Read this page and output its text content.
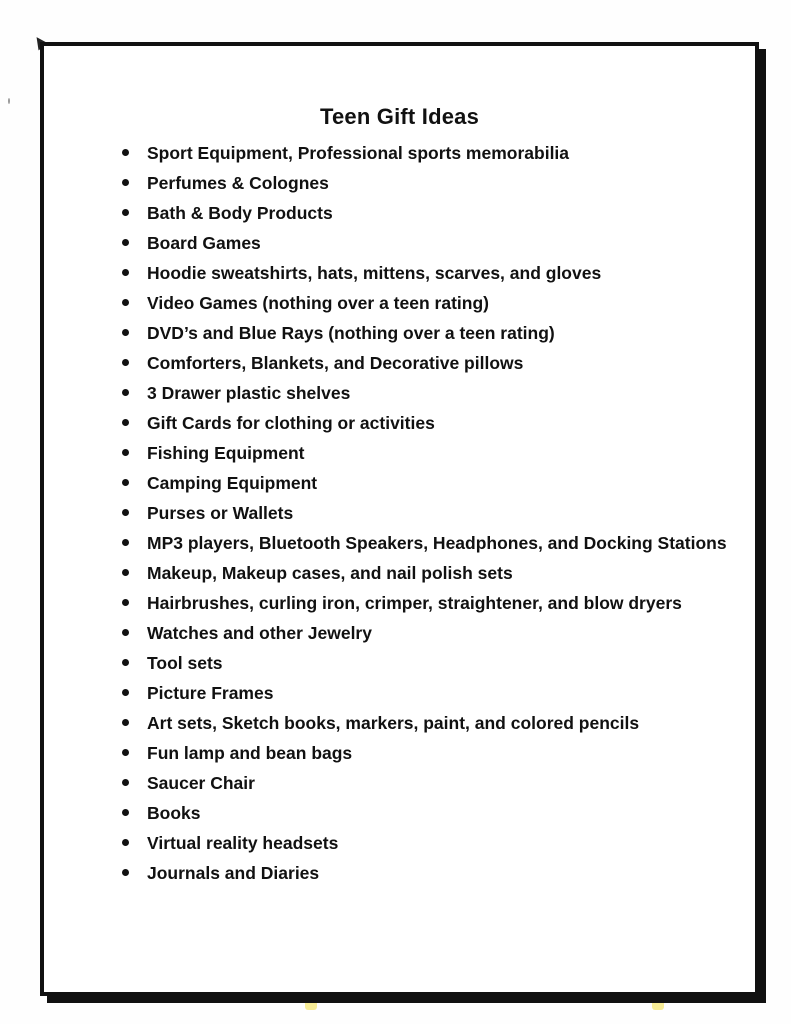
Teen Gift Ideas
Sport Equipment, Professional sports memorabilia
Perfumes & Colognes
Bath & Body Products
Board Games
Hoodie sweatshirts, hats, mittens, scarves, and gloves
Video Games (nothing over a teen rating)
DVD’s and Blue Rays (nothing over a teen rating)
Comforters, Blankets, and Decorative pillows
3 Drawer plastic shelves
Gift Cards for clothing or activities
Fishing Equipment
Camping Equipment
Purses or Wallets
MP3 players, Bluetooth Speakers, Headphones, and Docking Stations
Makeup, Makeup cases, and nail polish sets
Hairbrushes, curling iron, crimper, straightener, and blow dryers
Watches and other Jewelry
Tool sets
Picture Frames
Art sets, Sketch books, markers, paint, and colored pencils
Fun lamp and bean bags
Saucer Chair
Books
Virtual reality headsets
Journals and Diaries
